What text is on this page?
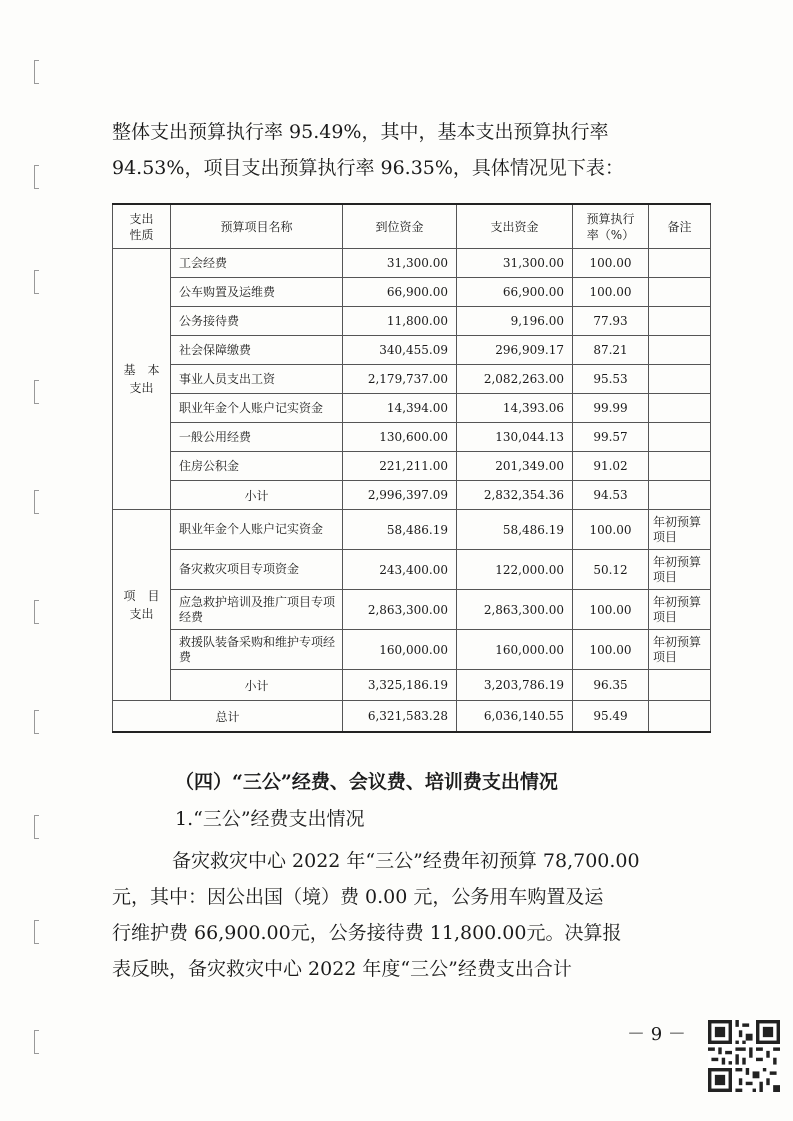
整体支出预算执行率 95.49%，其中，基本支出预算执行率
94.53%，项目支出预算执行率 96.35%，具体情况见下表：
支出
性质	预算项目名称	到位资金	支出资金	预算执行
率（%）	备注
基　本
支出	工会经费	31,300.00	31,300.00	100.00	
	公车购置及运维费	66,900.00	66,900.00	100.00	
	公务接待费	11,800.00	9,196.00	77.93	
	社会保障缴费	340,455.09	296,909.17	87.21	
	事业人员支出工资	2,179,737.00	2,082,263.00	95.53	
	职业年金个人账户记实资金	14,394.00	14,393.06	99.99	
	一般公用经费	130,600.00	130,044.13	99.57	
	住房公积金	221,211.00	201,349.00	91.02	
	小计	2,996,397.09	2,832,354.36	94.53	
项　目
支出	职业年金个人账户记实资金	58,486.19	58,486.19	100.00	年初预算项目
	备灾救灾项目专项资金	243,400.00	122,000.00	50.12	年初预算项目
	应急救护培训及推广项目专项经费	2,863,300.00	2,863,300.00	100.00	年初预算项目
	救援队装备采购和维护专项经费	160,000.00	160,000.00	100.00	年初预算项目
	小计	3,325,186.19	3,203,786.19	96.35	
总计		6,321,583.28	6,036,140.55	95.49	
（四）“三公”经费、会议费、培训费支出情况
1.“三公”经费支出情况
备灾救灾中心 2022 年“三公”经费年初预算 78,700.00
元，其中：因公出国（境）费 0.00 元，公务用车购置及运
行维护费 66,900.00元，公务接待费 11,800.00元。决算报
表反映，备灾救灾中心 2022 年度“三公”经费支出合计
－ 9 －
